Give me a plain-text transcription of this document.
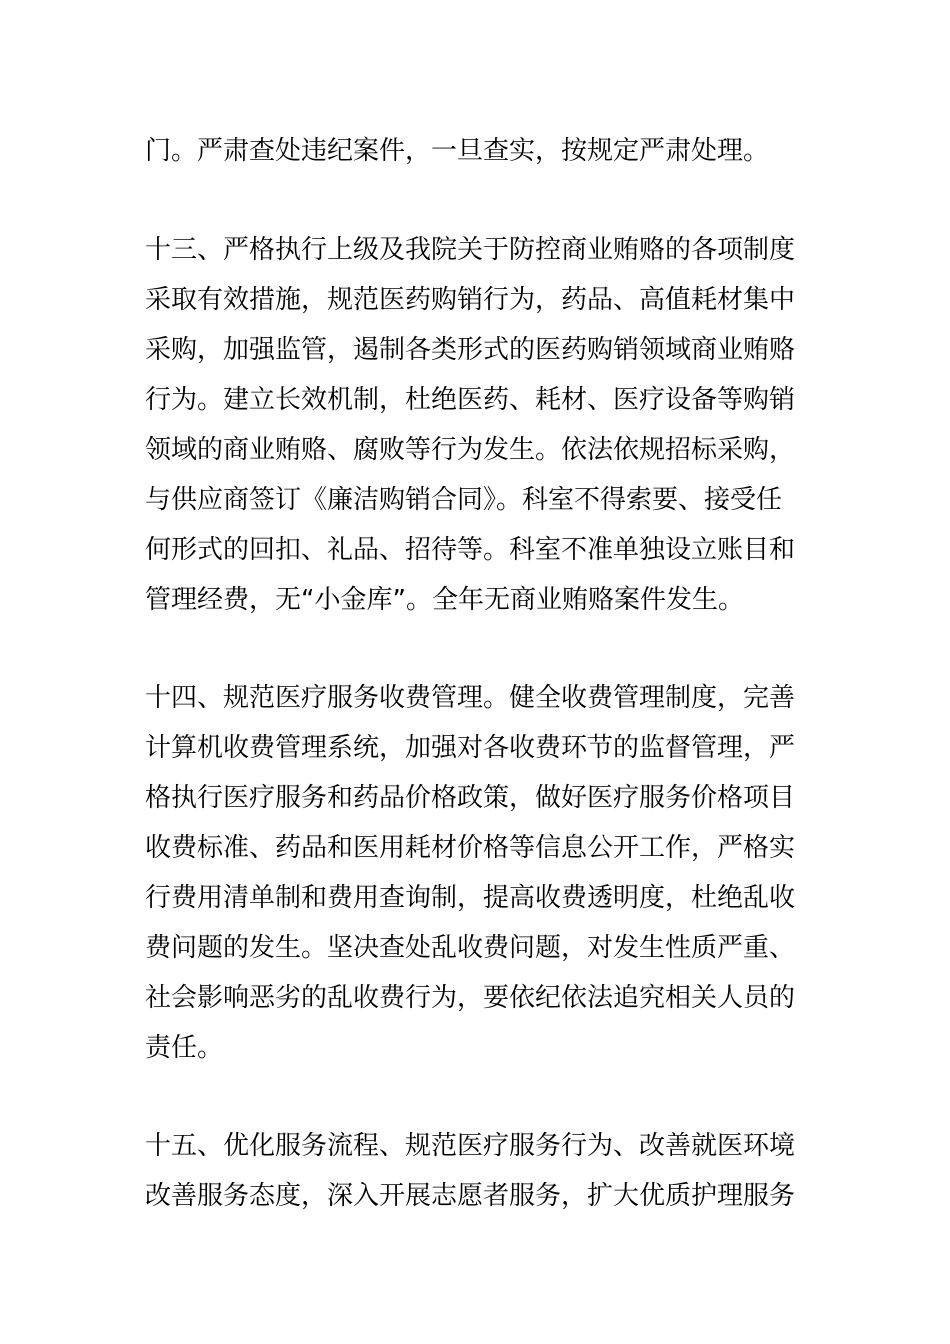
门。严肃查处违纪案件，一旦查实，按规定严肃处理。
十三、严格执行上级及我院关于防控商业贿赂的各项制度
采取有效措施，规范医药购销行为，药品、高值耗材集中
采购，加强监管，遏制各类形式的医药购销领域商业贿赂
行为。建立长效机制，杜绝医药、耗材、医疗设备等购销
领域的商业贿赂、腐败等行为发生。依法依规招标采购，
与供应商签订《廉洁购销合同》。科室不得索要、接受任
何形式的回扣、礼品、招待等。科室不准单独设立账目和
管理经费，无“小金库”。全年无商业贿赂案件发生。
十四、规范医疗服务收费管理。健全收费管理制度，完善
计算机收费管理系统，加强对各收费环节的监督管理，严
格执行医疗服务和药品价格政策，做好医疗服务价格项目
收费标准、药品和医用耗材价格等信息公开工作，严格实
行费用清单制和费用查询制，提高收费透明度，杜绝乱收
费问题的发生。坚决查处乱收费问题，对发生性质严重、
社会影响恶劣的乱收费行为，要依纪依法追究相关人员的
责任。
十五、优化服务流程、规范医疗服务行为、改善就医环境
改善服务态度，深入开展志愿者服务，扩大优质护理服务
